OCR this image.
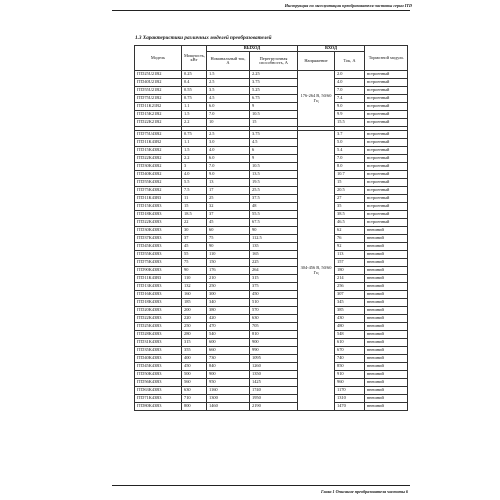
Инструкция по эксплуатации преобразователя частоты серии ITD
1.3 Характеристики различных моделей преобразователей
Модель	Мощность, кВт	ВЫХОД		ВХОД		Тормозной модуль
		Номинальный ток, А	Перегрузочная способность, А	Напряжение	Ток, А	
ITD25U21B2	0.25	1.5	2.25	176-264 В, 50/60 Гц	2.0	встроенный
ITD40U21B2	0.4	2.5	3.75		4.0	встроенный
ITD55U21B2	0.55	3.5	5.25		7.0	встроенный
ITD75U21B2	0.75	4.5	6.75		7.4	встроенный
ITD11K21B2	1.1	6.0	9		9.0	встроенный
ITD15K21B2	1.5	7.0	10.5		9.9	встроенный
ITD22K21B2	2.2	10	15		15.5	встроенный

ITD75U43B2	0.75	2.5	3.75	304-456 В, 50/60 Гц	3.7	встроенный
ITD11K43B2	1.1	3.0	4.5		5.0	встроенный
ITD15K43B2	1.5	4.0	6		5.4	встроенный
ITD22K43B2	2.2	6.0	9		7.0	встроенный
ITD30K43B2	3	7.0	10.5		8.0	встроенный
ITD40K43B2	4.0	9.0	13.5		10.7	встроенный
ITD55K43B2	5.5	13	19.5		15	встроенный
ITD75K43B2	7.5	17	25.5		20.5	встроенный
ITD11K43B3	11	25	37.5		27	встроенный
ITD15K43B3	15	32	48		35	встроенный
ITD18K43B3	18.5	37	55.5		38.5	встроенный
ITD22K43B3	22	45	67.5		46.5	встроенный
ITD30K43B3	30	60	90		62	внешний
ITD37K43B3	37	75	112.5		76	внешний
ITD45K43B3	45	90	135		92	внешний
ITD55K43B3	55	110	165		113	внешний
ITD75K43B3	75	150	225		157	внешний
ITD90K43B3	90	176	264		180	внешний
ITD11K43B3	110	210	315		214	внешний
ITD13K43B3	132	250	375		256	внешний
ITD16K43B3	160	300	450		307	внешний
ITD18K43B3	185	340	510		345	внешний
ITD20K43B3	200	380	570		385	внешний
ITD22K43B3	220	420	630		430	внешний
ITD25K43B3	250	470	705		480	внешний
ITD28K43B3	280	540	810		548	внешний
ITD31K43B3	315	600	900		610	внешний
ITD35K43B3	355	660	990		670	внешний
ITD40K43B3	400	730	1095		740	внешний
ITD45K43B3	450	840	1260		850	внешний
ITD50K43B3	500	900	1350		910	внешний
ITD56K43B3	560	950	1425		960	внешний
ITD63K43B3	630	1160	1740		1170	внешний
ITD71K43B3	710	1300	1950		1310	внешний
ITD80K43B3	800	1460	2190		1470	внешний
Глава 1 Описание преобразователя частоты 6
